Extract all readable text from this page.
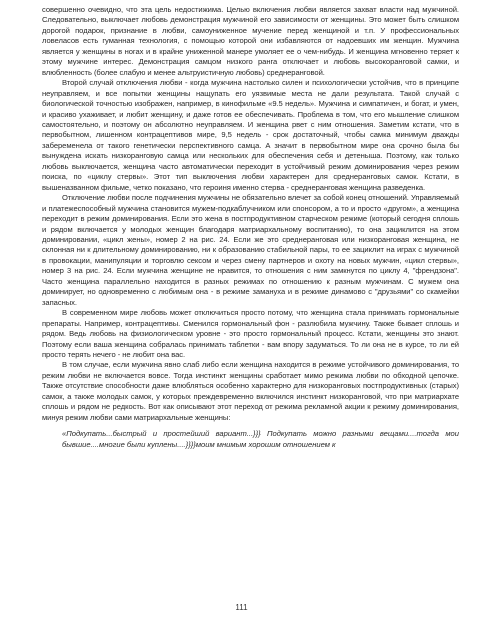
совершенно очевидно, что эта цель недостижима. Целью включения любви является захват власти над мужчиной. Следовательно, выключает любовь демонстрация мужчиной его зависимости от женщины. Это может быть слишком дорогой подарок, признание в любви, самоуниженное мучение перед женщиной и т.п. У профессиональных ловеласов есть гуманная технология, с помощью которой они избавляются от надоевших им женщин. Мужчина является у женщины в ногах и в крайне униженной манере умоляет ее о чем-нибудь. И женщина мгновенно теряет к этому мужчине интерес. Демонстрация самцом низкого ранга отключает и любовь высокоранговой самки, и влюбленность (более слабую и менее альтруистичную любовь) среднеранговой.

Второй случай отключения любви - когда мужчина настолько силен и психологически устойчив, что в принципе неуправляем, и все попытки женщины нащупать его уязвимые места не дали результата. Такой случай с биологической точностью изображен, например, в кинофильме «9.5 недель». Мужчина и симпатичен, и богат, и умен, и красиво ухаживает, и любит женщину, и даже готов ее обеспечивать. Проблема в том, что его мышление слишком самостоятельно, и поэтому он абсолютно неуправляем. И женщина рвет с ним отношения. Заметим кстати, что в первобытном, лишенном контрацептивов мире, 9,5 недель - срок достаточный, чтобы самка минимум дважды забеременела от такого генетически перспективного самца. А значит в первобытном мире она срочно была бы вынуждена искать низкоранговую самца или нескольких для обеспечения себя и детеныша. Поэтому, как только любовь выключается, женщина часто автоматически переходит в устойчивый режим доминирования через режим поиска, по «циклу стервы». Этот тип выключения любви характерен для среднеранговых самок. Кстати, в вышеназванном фильме, четко показано, что героиня именно стерва - среднеранговая женщина разведенка.

Отключение любви после подчинения мужчины не обязательно влечет за собой конец отношений. Управляемый и платежеспособный мужчина становится мужем-подкаблучником или спонсором, а то и просто «другом», а женщина переходит в режим доминирования. Если это жена в постпродуктивном старческом режиме (который сегодня сплошь и рядом включается у молодых женщин благодаря матриархальному воспитанию), то она зациклится на этом доминировании, «цикл жены», номер 2 на рис. 24. Если же это среднеранговая или низкоранговая женщина, не склонная ни к длительному доминированию, ни к образованию стабильной пары, то ее зациклит на играх с мужчиной в провокации, манипуляции и торговлю сексом и через смену партнеров и охоту на новых мужчин, «цикл стервы», номер 3 на рис. 24. Если мужчина женщине не нравится, то отношения с ним замкнутся по циклу 4, "френдзона". Часто женщина параллельно находится в разных режимах по отношению к разным мужчинам. С мужем она доминирует, но одновременно с любимым она - в режиме замануха и в режиме динамово с "друзьями" со скамейки запасных.

В современном мире любовь может отключиться просто потому, что женщина стала принимать гормональные препараты. Например, контрацептивы. Сменился гормональный фон - разлюбила мужчину. Также бывает сплошь и рядом. Ведь любовь на физиологическом уровне - это просто гормональный процесс. Кстати, женщины это знают. Поэтому если ваша женщина собралась принимать таблетки - вам впору задуматься. То ли она не в курсе, то ли ей просто терять нечего - не любит она вас.

В том случае, если мужчина явно слаб либо если женщина находится в режиме устойчивого доминирования, то режим любви не включается вовсе. Тогда инстинкт женщины сработает мимо режима любви по обходной цепочке. Также отсутствие способности даже влюбляться особенно характерно для низкоранговых постпродуктивных (старых) самок, а также молодых самок, у которых преждевременно включился инстинкт низкоранговой, что при матриархате сплошь и рядом не редкость. Вот как описывают этот переход от режима рекламной акции к режиму доминирования, минуя режим любви сами матриархальные женщины:

«Подкупать...быстрый и простейший вариант...}}} Подкупать можно разными вещами....тогда мои бывшие....многие были куплены....}}}}моим мнимым хорошим отношением к

111
